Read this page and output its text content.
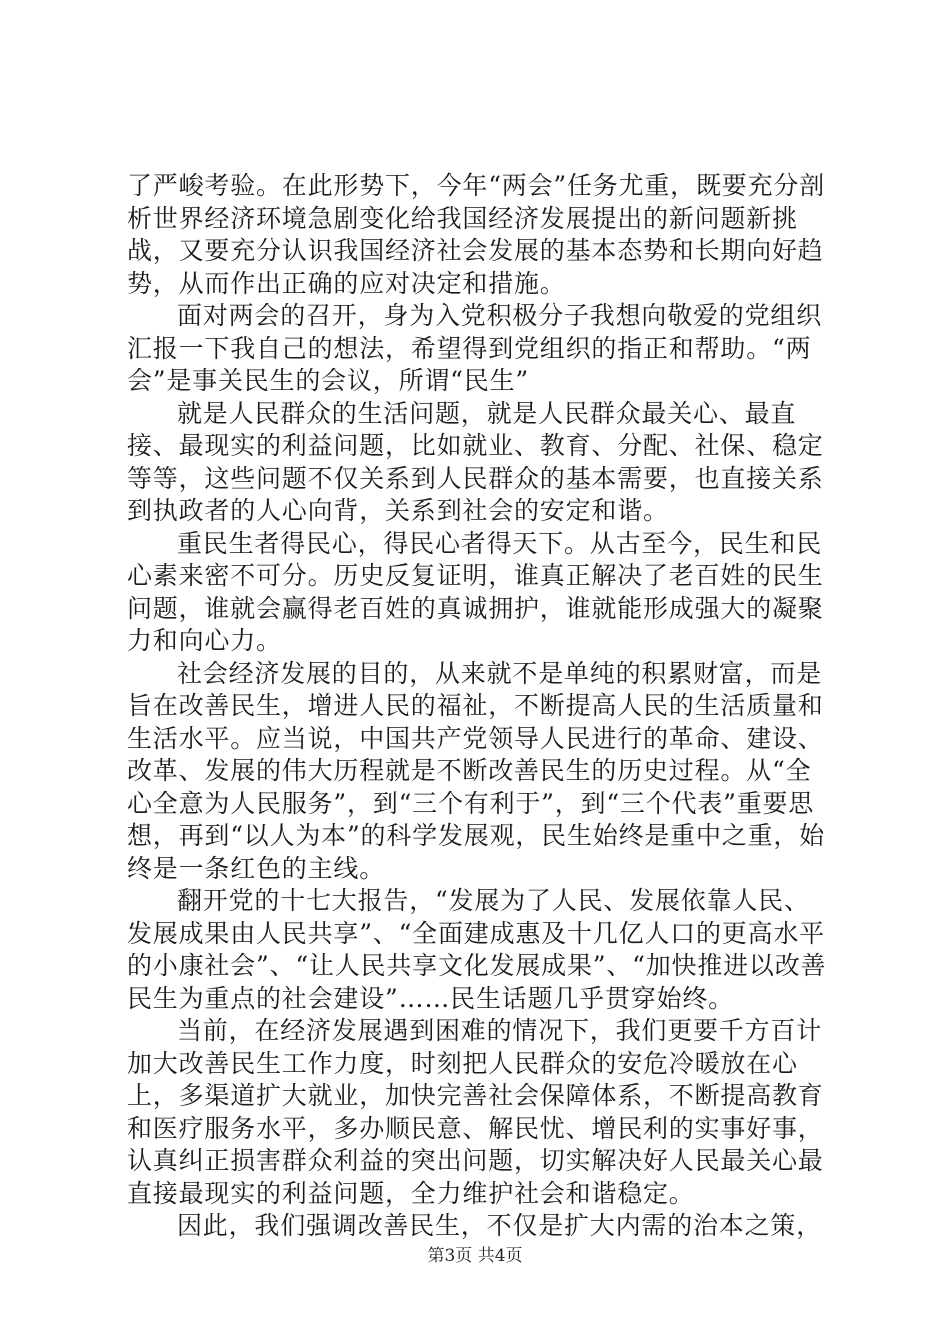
了严峻考验。在此形势下，今年“两会”任务尤重，既要充分剖析世界经济环境急剧变化给我国经济发展提出的新问题新挑战，又要充分认识我国经济社会发展的基本态势和长期向好趋势，从而作出正确的应对决定和措施。

面对两会的召开，身为入党积极分子我想向敬爱的党组织汇报一下我自己的想法，希望得到党组织的指正和帮助。“两会”是事关民生的会议，所谓“民生”

就是人民群众的生活问题，就是人民群众最关心、最直接、最现实的利益问题，比如就业、教育、分配、社保、稳定等等，这些问题不仅关系到人民群众的基本需要，也直接关系到执政者的人心向背，关系到社会的安定和谐。

重民生者得民心，得民心者得天下。从古至今，民生和民心素来密不可分。历史反复证明，谁真正解决了老百姓的民生问题，谁就会赢得老百姓的真诚拥护，谁就能形成强大的凝聚力和向心力。

社会经济发展的目的，从来就不是单纯的积累财富，而是旨在改善民生，增进人民的福祉，不断提高人民的生活质量和生活水平。应当说，中国共产党领导人民进行的革命、建设、改革、发展的伟大历程就是不断改善民生的历史过程。从“全心全意为人民服务”，到“三个有利于”，到“三个代表”重要思想，再到“以人为本”的科学发展观，民生始终是重中之重，始终是一条红色的主线。

翻开党的十七大报告，“发展为了人民、发展依靠人民、发展成果由人民共享”、“全面建成惠及十几亿人口的更高水平的小康社会”、“让人民共享文化发展成果”、“加快推进以改善民生为重点的社会建设”……民生话题几乎贯穿始终。

当前，在经济发展遇到困难的情况下，我们更要千方百计加大改善民生工作力度，时刻把人民群众的安危冷暖放在心上，多渠道扩大就业，加快完善社会保障体系，不断提高教育和医疗服务水平，多办顺民意、解民忧、增民利的实事好事，认真纠正损害群众利益的突出问题，切实解决好人民最关心最直接最现实的利益问题，全力维护社会和谐稳定。

因此，我们强调改善民生，不仅是扩大内需的治本之策，

第3页 共4页
